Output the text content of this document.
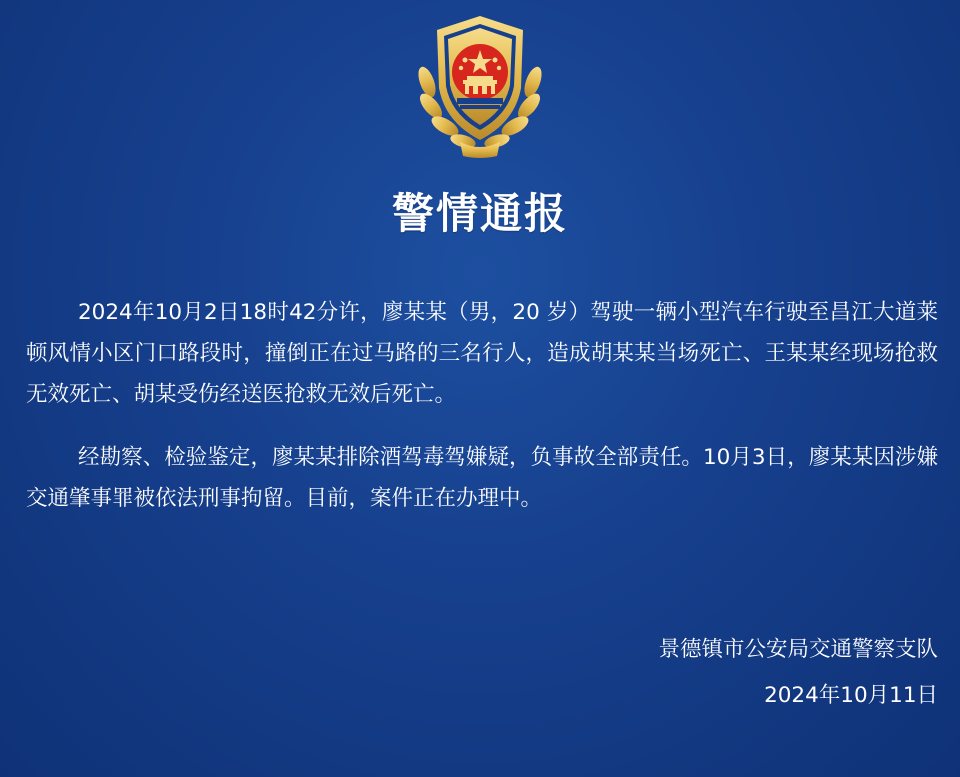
警情通报

2024年10月2日18时42分许，廖某某（男，20 岁）驾驶一辆小型汽车行驶至昌江大道莱顿风情小区门口路段时，撞倒正在过马路的三名行人，造成胡某某当场死亡、王某某经现场抢救无效死亡、胡某受伤经送医抢救无效后死亡。

经勘察、检验鉴定，廖某某排除酒驾毒驾嫌疑，负事故全部责任。10月3日，廖某某因涉嫌交通肇事罪被依法刑事拘留。目前，案件正在办理中。

景德镇市公安局交通警察支队

2024年10月11日
